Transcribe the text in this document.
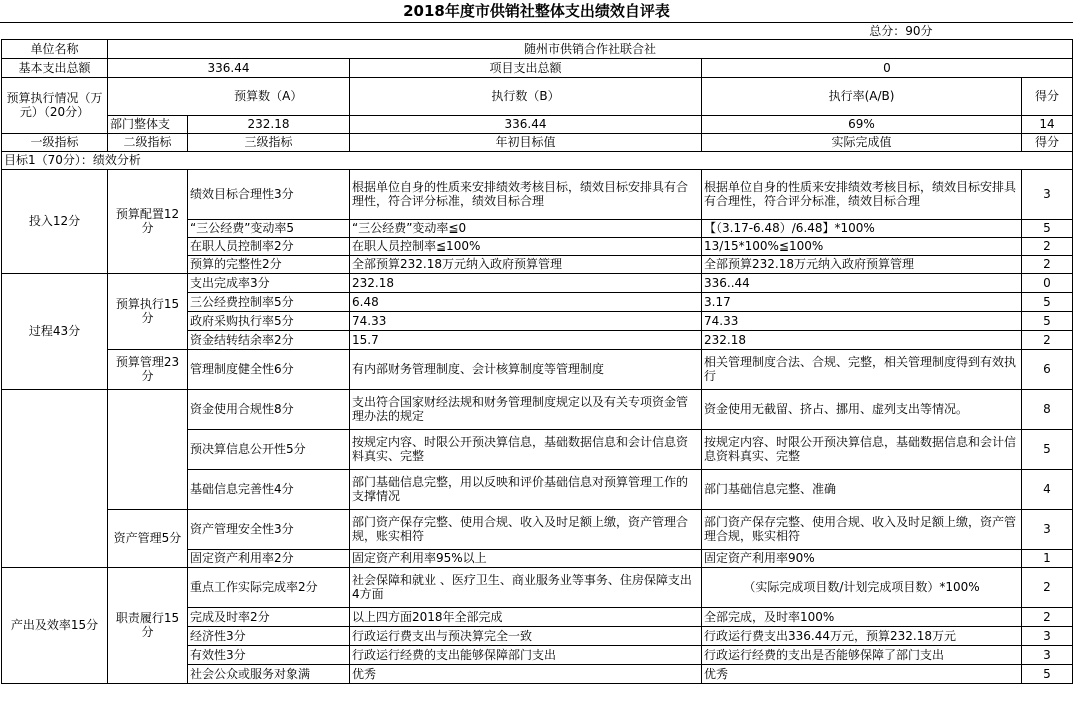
2018年度市供销社整体支出绩效自评表
				总分：90分	
单位名称	随州市供销合作社联合社				
基本支出总额	336.44		项目支出总额	0	
预算执行情况（万元）（20分）		预算数（A）	执行数（B）	执行率(A/B)	得分
	部门整体支	232.18	336.44	69%	14
一级指标	二级指标	三级指标	年初目标值	实际完成值	得分
目标1（70分）：绩效分析					
投入12分	预算配置12分	绩效目标合理性3分	根据单位自身的性质来安排绩效考核目标，绩效目标安排具有合理性，符合评分标准，绩效目标合理	根据单位自身的性质来安排绩效考核目标，绩效目标安排具有合理性，符合评分标准，绩效目标合理	3
		“三公经费”变动率5	“三公经费”变动率≦0	【（3.17-6.48）/6.48】*100%	5
		在职人员控制率2分	在职人员控制率≦100%	13/15*100%≦100%	2
		预算的完整性2分	全部预算232.18万元纳入政府预算管理	全部预算232.18万元纳入政府预算管理	2
过程43分	预算执行15分	支出完成率3分	232.18	336..44	0
		三公经费控制率5分	6.48	3.17	5
		政府采购执行率5分	74.33	74.33	5
		资金结转结余率2分	15.7	232.18	2
	预算管理23分	管理制度健全性6分	有内部财务管理制度、会计核算制度等管理制度	相关管理制度合法、合规、完整，相关管理制度得到有效执行	6
		资金使用合规性8分	支出符合国家财经法规和财务管理制度规定以及有关专项资金管理办法的规定	资金使用无截留、挤占、挪用、虚列支出等情况。	8
		预决算信息公开性5分	按规定内容、时限公开预决算信息，基础数据信息和会计信息资料真实、完整	按规定内容、时限公开预决算信息，基础数据信息和会计信息资料真实、完整	5
		基础信息完善性4分	部门基础信息完整，用以反映和评价基础信息对预算管理工作的支撑情况	部门基础信息完整、准确	4
	资产管理5分	资产管理安全性3分	部门资产保存完整、使用合规、收入及时足额上缴，资产管理合规，账实相符	部门资产保存完整、使用合规、收入及时足额上缴，资产管理合规，账实相符	3
		固定资产利用率2分	固定资产利用率95%以上	固定资产利用率90%	1
产出及效率15分	职责履行15分	重点工作实际完成率2分	社会保障和就业 、医疗卫生、商业服务业等事务、住房保障支出4方面	（实际完成项目数/计划完成项目数）*100%	2
		完成及时率2分	以上四方面2018年全部完成	全部完成，及时率100%	2
		经济性3分	行政运行费支出与预决算完全一致	行政运行费支出336.44万元，预算232.18万元	3
		有效性3分	行政运行经费的支出能够保障部门支出	行政运行经费的支出是否能够保障了部门支出	3
		社会公众或服务对象满	优秀	优秀	5
